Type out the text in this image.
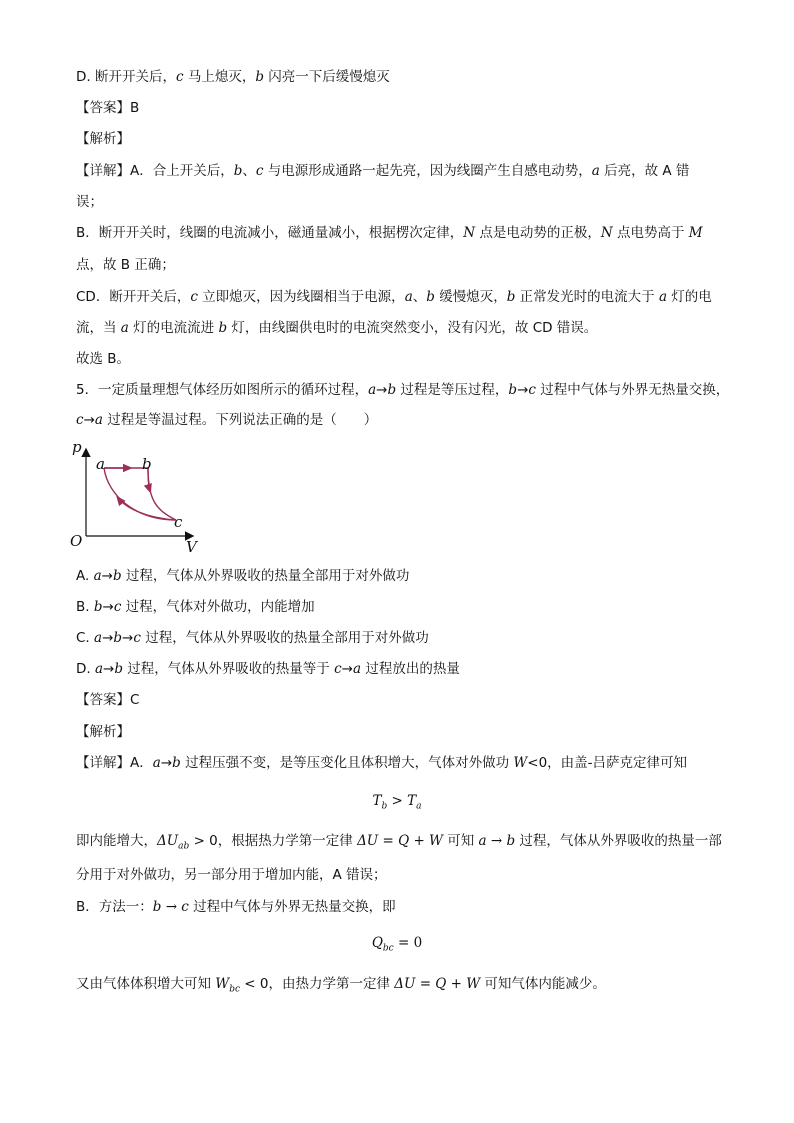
D. 断开开关后，c 马上熄灭，b 闪亮一下后缓慢熄灭
【答案】B
【解析】
【详解】A．合上开关后，b、c 与电源形成通路一起先亮，因为线圈产生自感电动势，a 后亮，故 A 错
误；
B．断开开关时，线圈的电流减小，磁通量减小，根据楞次定律，N 点是电动势的正极，N 点电势高于 M
点，故 B 正确；
CD．断开开关后，c 立即熄灭，因为线圈相当于电源，a、b 缓慢熄灭，b 正常发光时的电流大于 a 灯的电
流，当 a 灯的电流流进 b 灯，由线圈供电时的电流突然变小，没有闪光，故 CD 错误。
故选 B。
5．一定质量理想气体经历如图所示的循环过程，a→b 过程是等压过程，b→c 过程中气体与外界无热量交换，
c→a 过程是等温过程。下列说法正确的是（　　）
p
V
O
a b
c
A. a→b 过程，气体从外界吸收的热量全部用于对外做功
B. b→c 过程，气体对外做功，内能增加
C. a→b→c 过程，气体从外界吸收的热量全部用于对外做功
D. a→b 过程，气体从外界吸收的热量等于 c→a 过程放出的热量
【答案】C
【解析】
【详解】A．a→b 过程压强不变，是等压变化且体积增大，气体对外做功 W<0，由盖-吕萨克定律可知
$T_b > T_a$
即内能增大，$\Delta U_{ab} > 0$，根据热力学第一定律 ΔU = Q + W 可知 a → b 过程，气体从外界吸收的热量一部
分用于对外做功，另一部分用于增加内能，A 错误；
B．方法一：b → c 过程中气体与外界无热量交换，即
$Q_{bc} = 0$
又由气体体积增大可知 $W_{bc} < 0$，由热力学第一定律 ΔU = Q + W 可知气体内能减少。
